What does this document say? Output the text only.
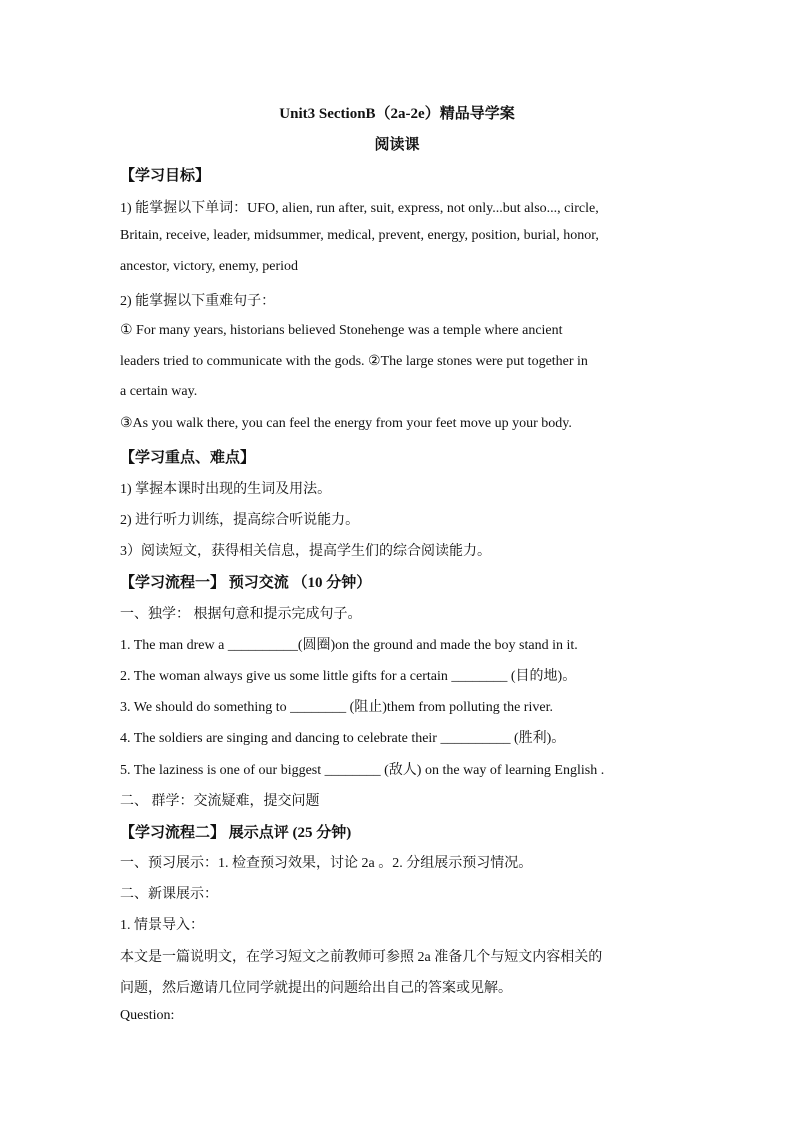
Unit3 SectionB（2a-2e）精品导学案
阅读课
【学习目标】
1) 能掌握以下单词：UFO, alien, run after, suit, express, not only...but also..., circle,
Britain, receive, leader, midsummer, medical, prevent, energy, position, burial, honor,
ancestor, victory, enemy, period
2) 能掌握以下重难句子：
① For many years, historians believed Stonehenge was a temple where ancient
leaders tried to communicate with the gods. ②The large stones were put together in
a certain way.
③As you walk there, you can feel the energy from your feet move up your body.
【学习重点、难点】
1) 掌握本课时出现的生词及用法。
2) 进行听力训练，提高综合听说能力。
3）阅读短文，获得相关信息，提高学生们的综合阅读能力。
【学习流程一】 预习交流 （10 分钟）
一、独学： 根据句意和提示完成句子。
1. The man drew a __________(圆圈)on the ground and made the boy stand in it.
2. The woman always give us some little gifts for a certain ________ (目的地)。
3. We should do something to ________ (阻止)them from polluting the river.
4. The soldiers are singing and dancing to celebrate their __________ (胜利)。
5. The laziness is one of our biggest ________ (敌人) on the way of learning English .
二、 群学：交流疑难，提交问题
【学习流程二】 展示点评 (25 分钟)
一、预习展示：1. 检查预习效果，讨论 2a 。2. 分组展示预习情况。
二、新课展示：
1. 情景导入：
本文是一篇说明文，在学习短文之前教师可参照 2a 准备几个与短文内容相关的
问题，然后邀请几位同学就提出的问题给出自己的答案或见解。
Question:
